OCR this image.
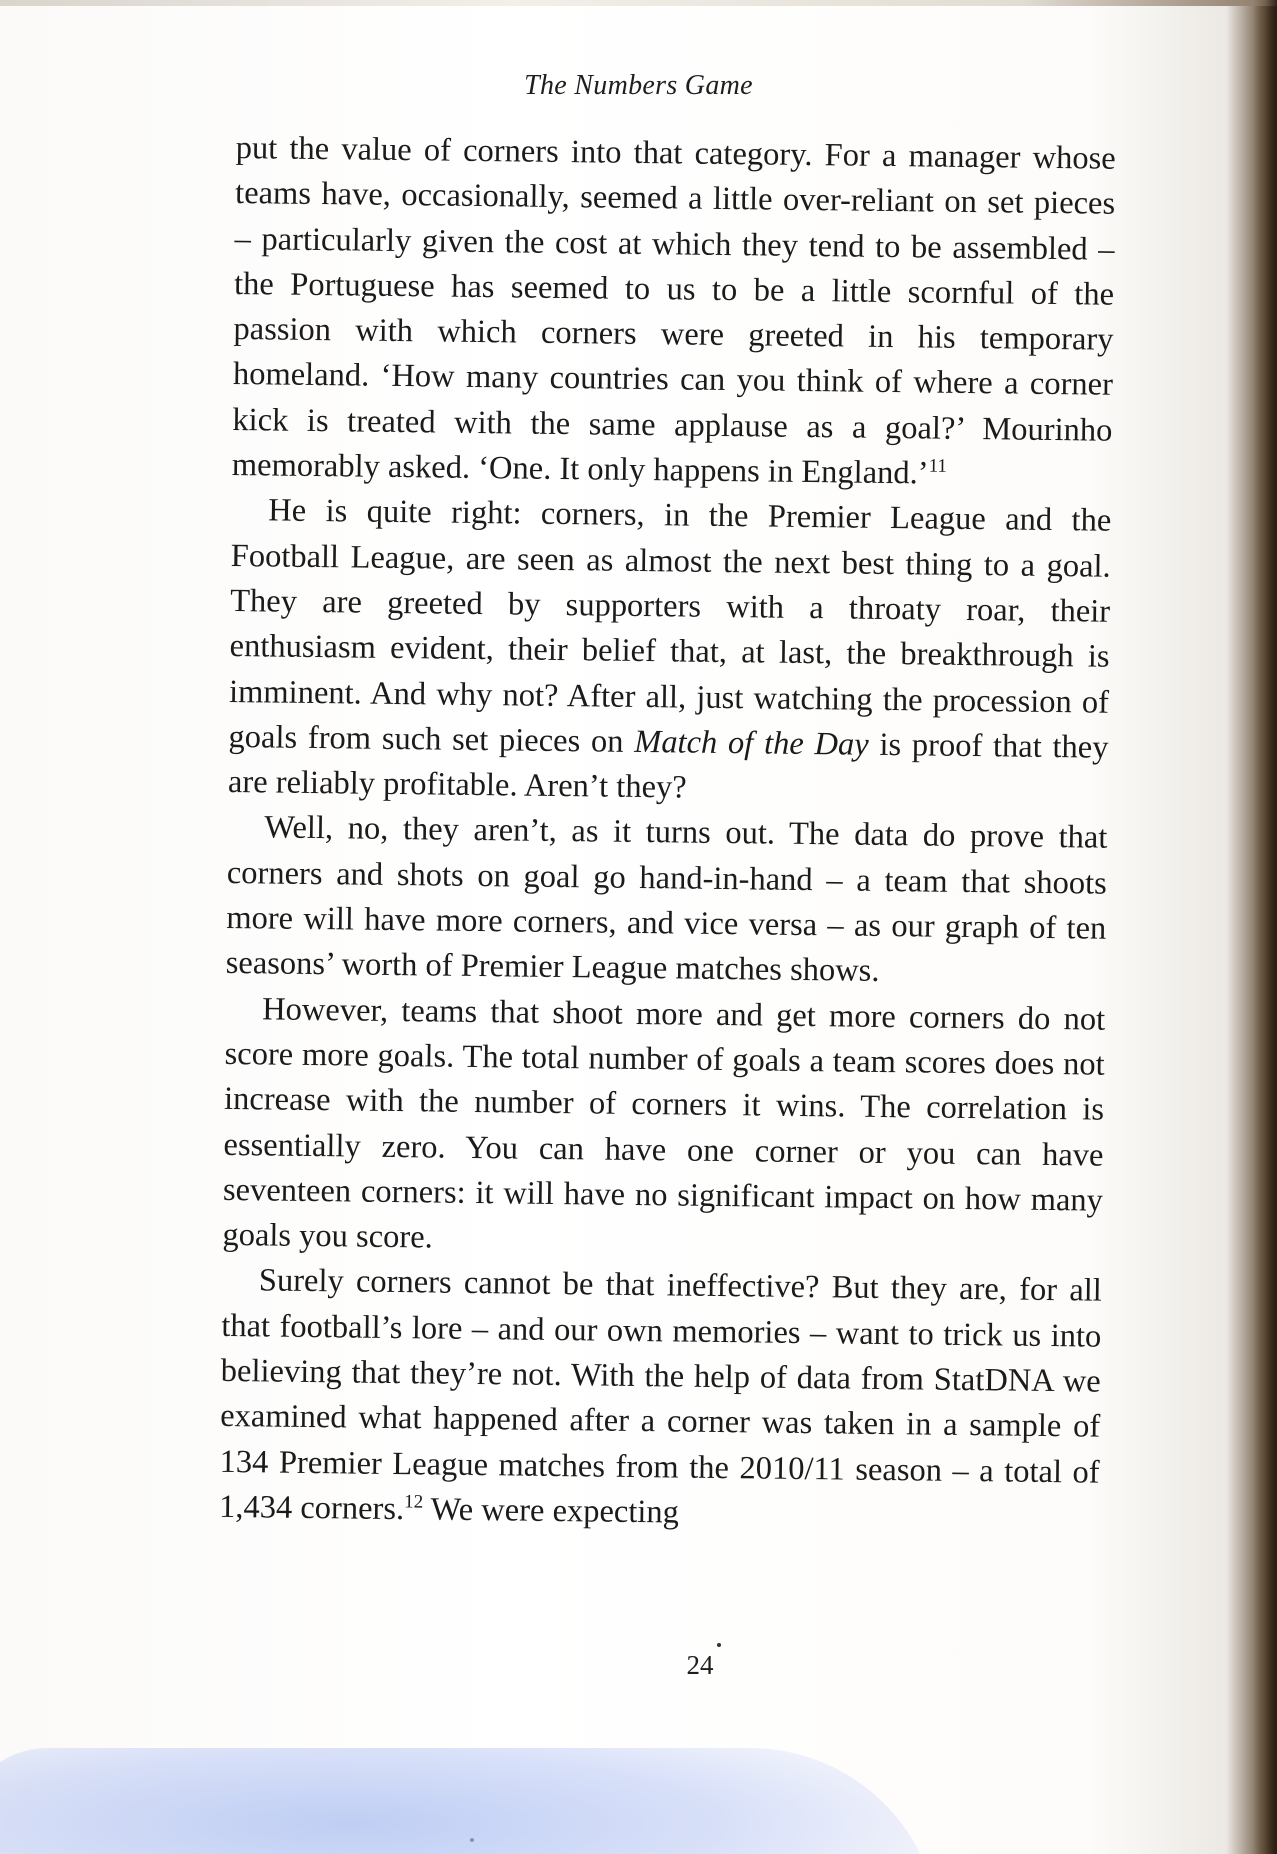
The Numbers Game

put the value of corners into that category. For a manager whose teams have, occasionally, seemed a little over-reliant on set pieces – particularly given the cost at which they tend to be assembled – the Portuguese has seemed to us to be a little scornful of the passion with which corners were greeted in his temporary homeland. ‘How many countries can you think of where a corner kick is treated with the same applause as a goal?’ Mourinho memorably asked. ‘One. It only happens in England.’$^{11}$

He is quite right: corners, in the Premier League and the Football League, are seen as almost the next best thing to a goal. They are greeted by supporters with a throaty roar, their enthusiasm evident, their belief that, at last, the breakthrough is imminent. And why not? After all, just watching the procession of goals from such set pieces on Match of the Day is proof that they are reliably profitable. Aren’t they?

Well, no, they aren’t, as it turns out. The data do prove that corners and shots on goal go hand-in-hand – a team that shoots more will have more corners, and vice versa – as our graph of ten seasons’ worth of Premier League matches shows.

However, teams that shoot more and get more corners do not score more goals. The total number of goals a team scores does not increase with the number of corners it wins. The correlation is essentially zero. You can have one corner or you can have seventeen corners: it will have no significant impact on how many goals you score.

Surely corners cannot be that ineffective? But they are, for all that football’s lore – and our own memories – want to trick us into believing that they’re not. With the help of data from StatDNA we examined what happened after a corner was taken in a sample of 134 Premier League matches from the 2010/11 season – a total of 1,434 corners.$^{12}$ We were expecting

24
